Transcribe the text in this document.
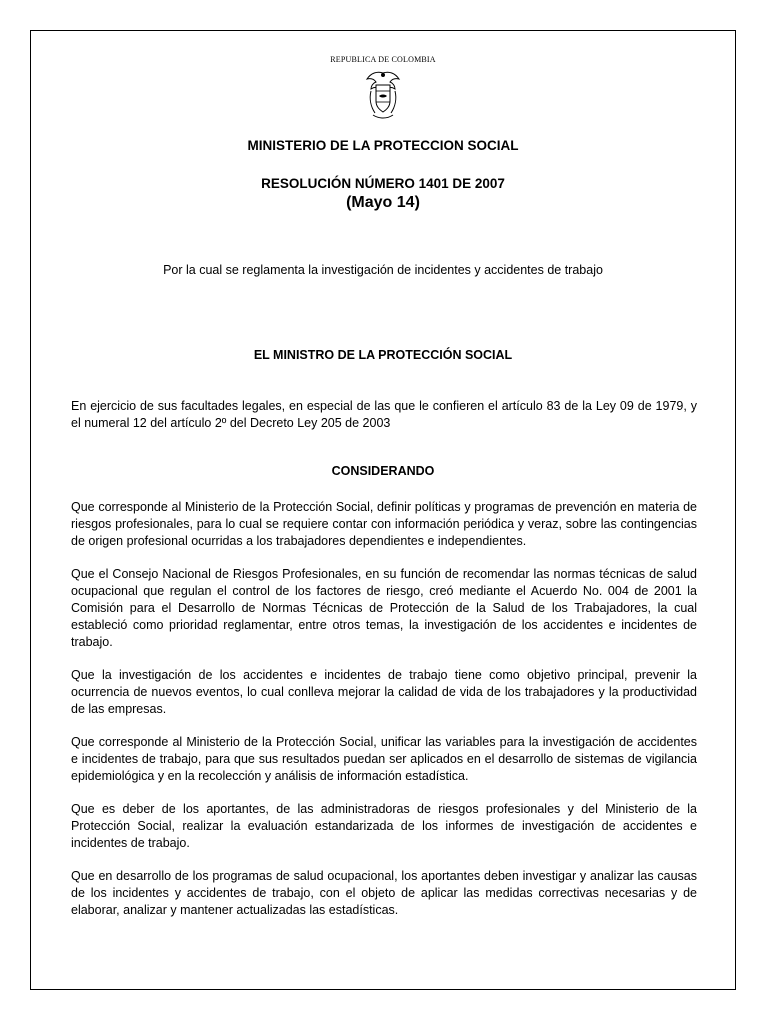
REPUBLICA DE COLOMBIA
MINISTERIO DE LA PROTECCION SOCIAL
RESOLUCIÓN NÚMERO 1401 DE 2007
(Mayo 14)
Por la cual se reglamenta la investigación de incidentes y accidentes de trabajo
EL MINISTRO DE LA PROTECCIÓN SOCIAL

En ejercicio de sus facultades legales, en especial de las que le confieren el artículo 83 de la Ley 09 de 1979, y el numeral 12 del artículo 2º del Decreto Ley 205 de 2003

CONSIDERANDO

Que corresponde al Ministerio de la Protección Social, definir políticas y programas de prevención en materia de riesgos profesionales, para lo cual se requiere contar con información periódica y veraz, sobre las contingencias de origen profesional ocurridas a los trabajadores dependientes e independientes.

Que el Consejo Nacional de Riesgos Profesionales, en su función de recomendar las normas técnicas de salud ocupacional que regulan el control de los factores de riesgo, creó mediante el Acuerdo No. 004 de 2001 la Comisión para el Desarrollo de Normas Técnicas de Protección de la Salud de los Trabajadores, la cual estableció como prioridad reglamentar, entre otros temas, la investigación de los accidentes e incidentes de trabajo.

Que la investigación de los accidentes e incidentes de trabajo tiene como objetivo principal, prevenir la ocurrencia de nuevos eventos, lo cual conlleva mejorar la calidad de vida de los trabajadores y la productividad de las empresas.

Que corresponde al Ministerio de la Protección Social, unificar las variables para la investigación de accidentes e incidentes de trabajo, para que sus resultados puedan ser aplicados en el desarrollo de sistemas de vigilancia epidemiológica y en la recolección y análisis de información estadística.

Que es deber de los aportantes, de las administradoras de riesgos profesionales y del Ministerio de la Protección Social, realizar la evaluación estandarizada de los informes de investigación de accidentes e incidentes de trabajo.

Que en desarrollo de los programas de salud ocupacional, los aportantes deben investigar y analizar las causas de los incidentes y accidentes de trabajo, con el objeto de aplicar las medidas correctivas necesarias y de elaborar, analizar y mantener actualizadas las estadísticas.
